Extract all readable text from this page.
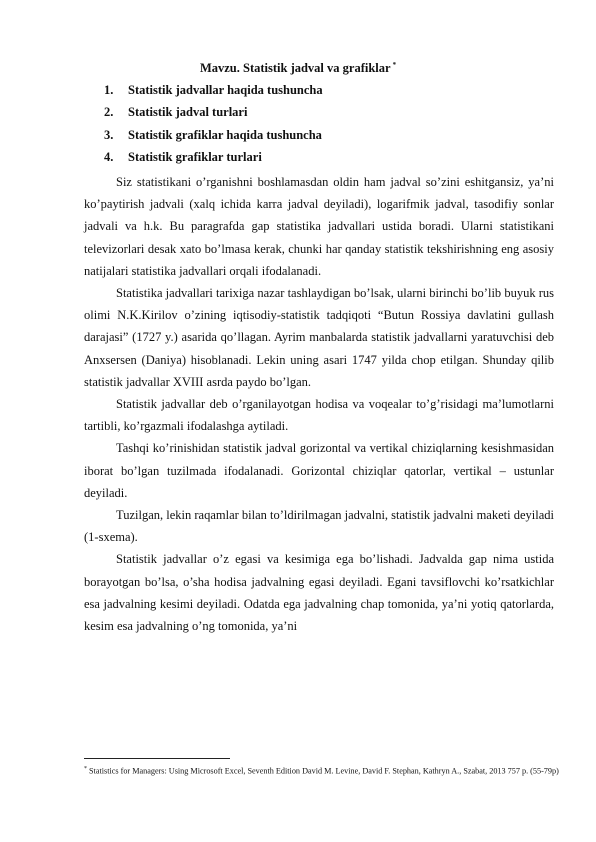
Mavzu. Statistik jadval va grafiklar *
1. Statistik jadvallar haqida tushuncha
2. Statistik jadval turlari
3. Statistik grafiklar haqida tushuncha
4. Statistik grafiklar turlari

Siz statistikani o’rganishni boshlamasdan oldin ham jadval so’zini eshitgansiz, ya’ni ko’paytirish jadvali (xalq ichida karra jadval deyiladi), logarifmik jadval, tasodifiy sonlar jadvali va h.k. Bu paragrafda gap statistika jadvallari ustida boradi. Ularni statistikani televizorlari desak xato bo’lmasa kerak, chunki har qanday statistik tekshirishning eng asosiy natijalari statistika jadvallari orqali ifodalanadi.

Statistika jadvallari tarixiga nazar tashlaydigan bo’lsak, ularni birinchi bo’lib buyuk rus olimi N.K.Kirilov o’zining iqtisodiy-statistik tadqiqoti “Butun Rossiya davlatini gullash darajasi” (1727 y.) asarida qo’llagan. Ayrim manbalarda statistik jadvallarni yaratuvchisi deb Anxsersen (Daniya) hisoblanadi. Lekin uning asari 1747 yilda chop etilgan. Shunday qilib statistik jadvallar XVIII asrda paydo bo’lgan.

Statistik jadvallar deb o’rganilayotgan hodisa va voqealar to’g’risidagi ma’lumotlarni tartibli, ko’rgazmali ifodalashga aytiladi.

Tashqi ko’rinishidan statistik jadval gorizontal va vertikal chiziqlarning kesishmasidan iborat bo’lgan tuzilmada ifodalanadi. Gorizontal chiziqlar qatorlar, vertikal – ustunlar deyiladi.

Tuzilgan, lekin raqamlar bilan to’ldirilmagan jadvalni, statistik jadvalni maketi deyiladi (1-sxema).

Statistik jadvallar o’z egasi va kesimiga ega bo’lishadi. Jadvalda gap nima ustida borayotgan bo’lsa, o’sha hodisa jadvalning egasi deyiladi. Egani tavsiflovchi ko’rsatkichlar esa jadvalning kesimi deyiladi. Odatda ega jadvalning chap tomonida, ya’ni yotiq qatorlarda, kesim esa jadvalning o’ng tomonida, ya’ni

* Statistics for Managers: Using Microsoft Excel, Seventh Edition David M. Levine, David F. Stephan, Kathryn A., Szabat, 2013 757 p. (55-79p)
